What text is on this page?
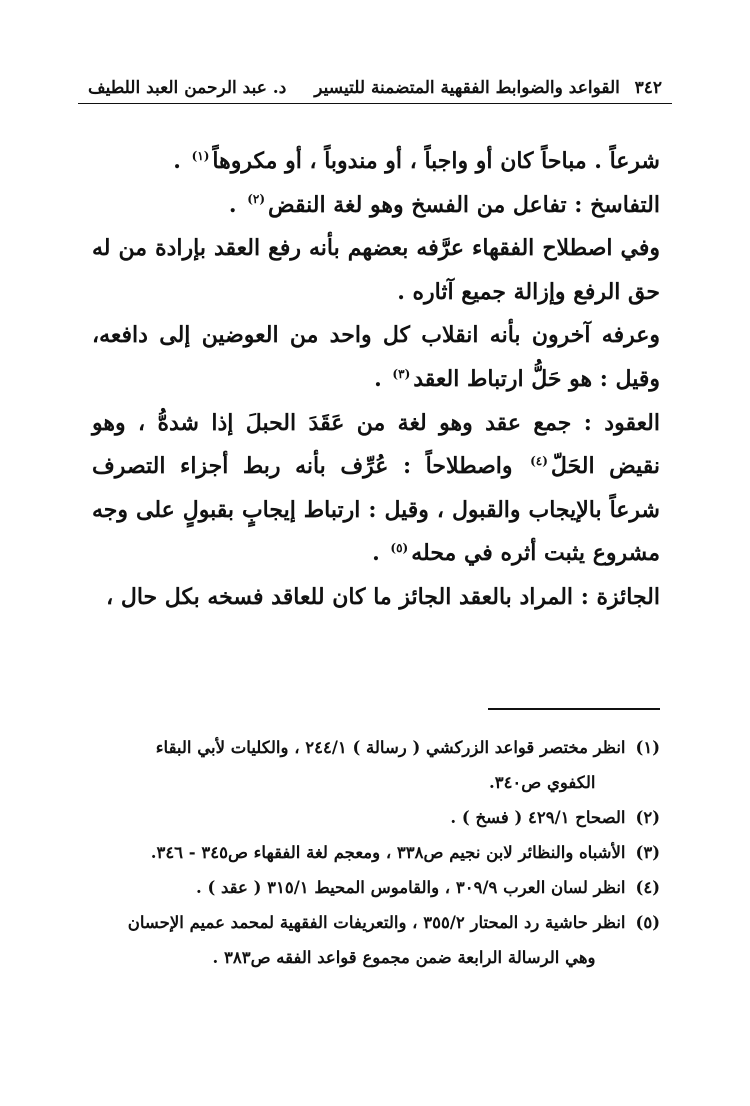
٣٤٢
القواعد والضوابط الفقهية المتضمنة للتيسير
د. عبد الرحمن العبد اللطيف

شرعاً . مباحاً كان أو واجباً ، أو مندوباً ، أو مكروهاً$^{(١)}$ .

التفاسخ : تفاعل من الفسخ وهو لغة النقض$^{(٢)}$ .

وفي اصطلاح الفقهاء عرَّفه بعضهم بأنه رفع العقد بإرادة من له حق الرفع وإزالة جميع آثاره .

وعرفه آخرون بأنه انقلاب كل واحد من العوضين إلى دافعه، وقيل : هو حَلُّ ارتباط العقد$^{(٣)}$ .

العقود : جمع عقد وهو لغة من عَقَدَ الحبلَ إذا شدهُّ ، وهو نقيض الحَلّ$^{(٤)}$ واصطلاحاً : عُرِّف بأنه ربط أجزاء التصرف شرعاً بالإيجاب والقبول ، وقيل : ارتباط إيجابٍ بقبولٍ على وجه مشروع يثبت أثره في محله$^{(٥)}$ .

الجائزة : المراد بالعقد الجائز ما كان للعاقد فسخه بكل حال ،

(١)
انظر مختصر قواعد الزركشي ( رسالة ) ٢٤٤/١ ، والكليات لأبي البقاء
الكفوي ص٣٤٠.
(٢)
الصحاح ٤٢٩/١ ( فسخ ) .
(٣)
الأشباه والنظائر لابن نجيم ص٣٣٨ ، ومعجم لغة الفقهاء ص٣٤٥ - ٣٤٦.
(٤)
انظر لسان العرب ٣٠٩/٩ ، والقاموس المحيط ٣١٥/١ ( عقد ) .
(٥)
انظر حاشية رد المحتار ٣٥٥/٢ ، والتعريفات الفقهية لمحمد عميم الإحسان
وهي الرسالة الرابعة ضمن مجموع قواعد الفقه ص٣٨٣ .
